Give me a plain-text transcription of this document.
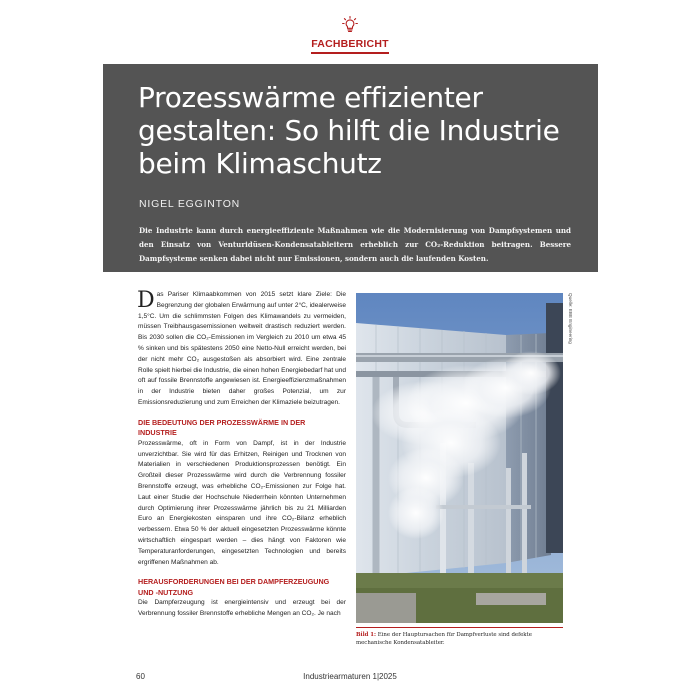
FACHBERICHT
Prozesswärme effizienter gestalten: So hilft die Industrie beim Klimaschutz
NIGEL EGGINTON
Die Industrie kann durch energieeffiziente Maßnahmen wie die Modernisierung von Dampfsystemen und den Einsatz von Venturidüsen-Kondensatableitern erheblich zur CO₂-Reduktion beitragen. Bessere Dampfsysteme senken dabei nicht nur Emissionen, sondern auch die laufenden Kosten.

Das Pariser Klimaabkommen von 2015 setzt klare Ziele: Die Begrenzung der globalen Erwärmung auf unter 2°C, idealerweise 1,5°C. Um die schlimmsten Folgen des Klimawandels zu vermeiden, müssen Treibhausgasemissionen weltweit drastisch reduziert werden. Bis 2030 sollen die CO₂-Emissionen im Vergleich zu 2010 um etwa 45 % sinken und bis spätestens 2050 eine Netto-Null erreicht werden, bei der nicht mehr CO₂ ausgestoßen als absorbiert wird. Eine zentrale Rolle spielt hierbei die Industrie, die einen hohen Energiebedarf hat und oft auf fossile Brennstoffe angewiesen ist. Energieeffizienzmaßnahmen in der Industrie bieten daher großes Potenzial, um zur Emissionsreduzierung und zum Erreichen der Klimaziele beizutragen.

DIE BEDEUTUNG DER PROZESSWÄRME IN DER INDUSTRIE

Prozesswärme, oft in Form von Dampf, ist in der Industrie unverzichtbar. Sie wird für das Erhitzen, Reinigen und Trocknen von Materialien in verschiedenen Produktionsprozessen benötigt. Ein Großteil dieser Prozesswärme wird durch die Verbrennung fossiler Brennstoffe erzeugt, was erhebliche CO₂-Emissionen zur Folge hat. Laut einer Studie der Hochschule Niederrhein könnten Unternehmen durch Optimierung ihrer Prozesswärme jährlich bis zu 21 Milliarden Euro an Energiekosten einsparen und ihre CO₂-Bilanz erheblich verbessern. Etwa 50 % der aktuell eingesetzten Prozesswärme könnte wirtschaftlich eingespart werden – dies hängt von Faktoren wie Temperaturanforderungen, eingesetzten Technologien und bereits ergriffenen Maßnahmen ab.

HERAUSFORDERUNGEN BEI DER DAMPFERZEUGUNG UND -NUTZUNG

Die Dampferzeugung ist energieintensiv und erzeugt bei der Verbrennung fossiler Brennstoffe erhebliche Mengen an CO₂. Je nach

Quelle: EBE Engineering
Bild 1: Eine der Hauptursachen für Dampfverluste sind defekte mechanische Kondensatableiter.
60	Industriearmaturen 1|2025
